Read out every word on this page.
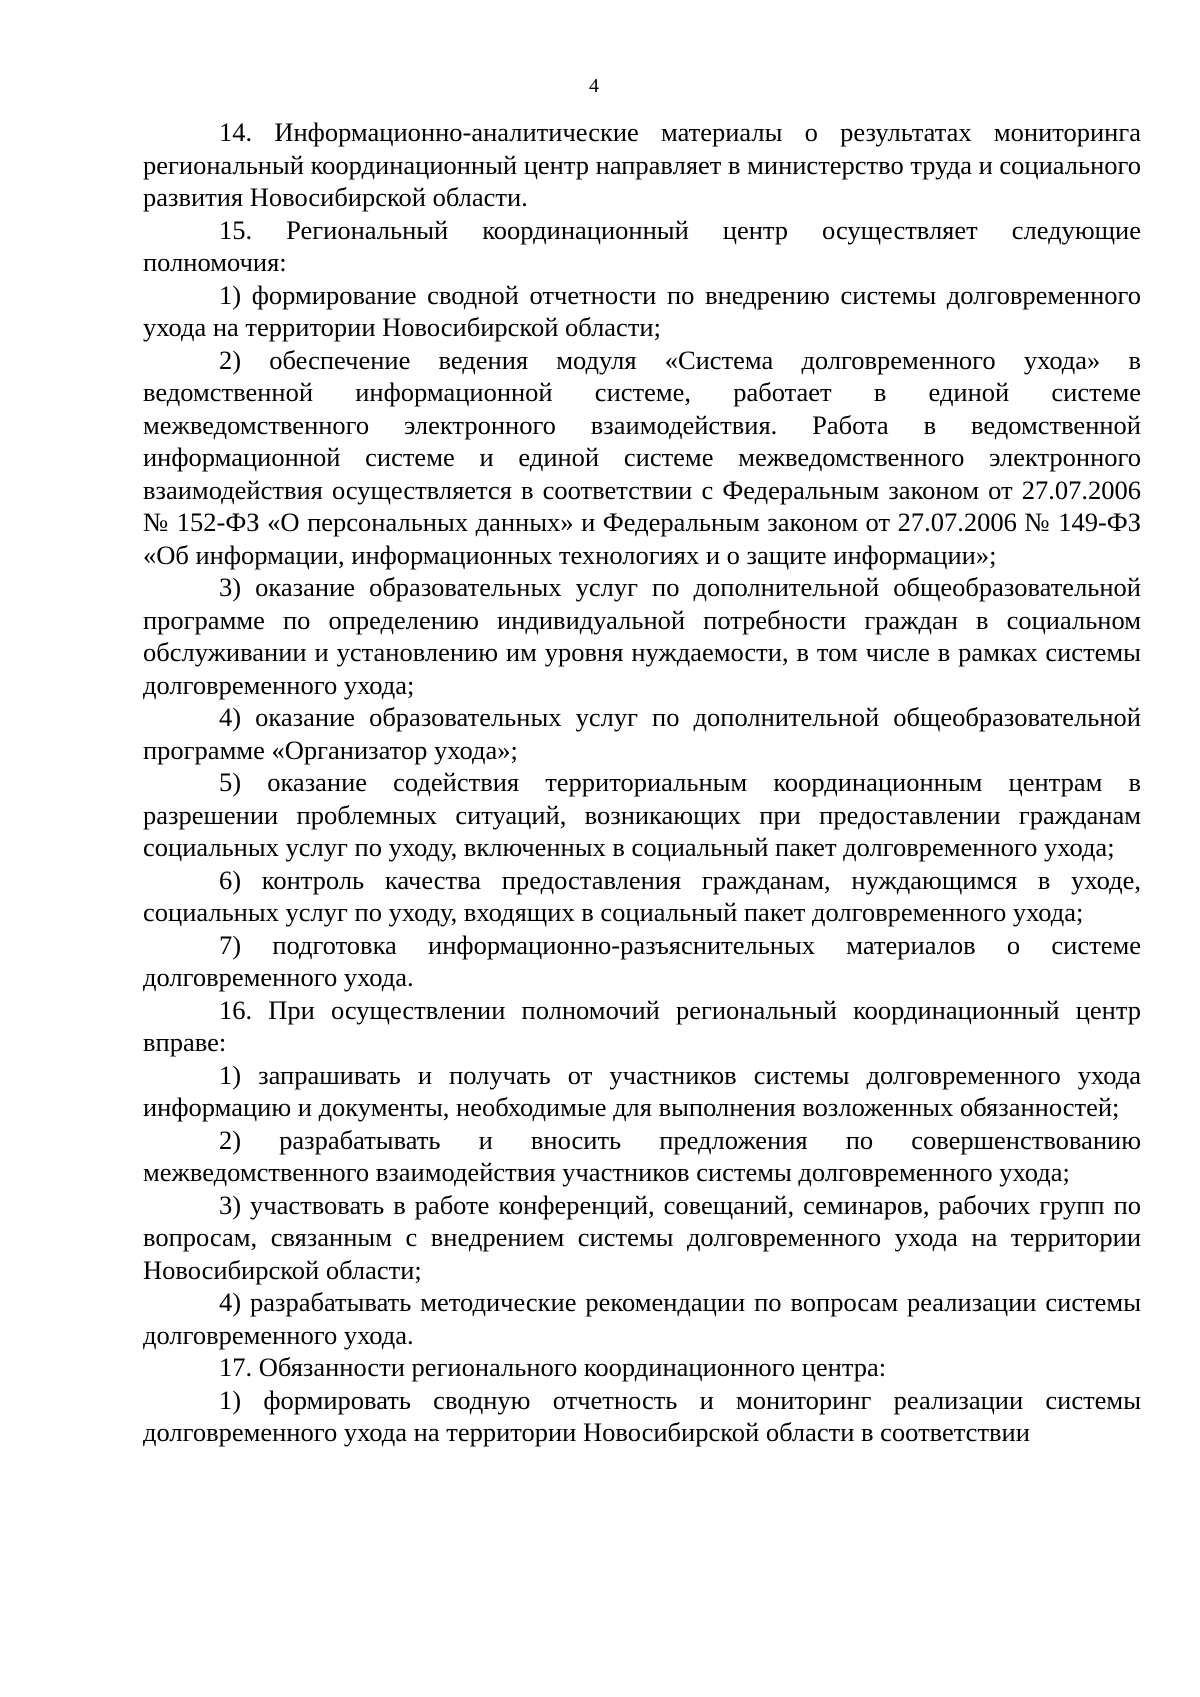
4

14. Информационно-аналитические материалы о результатах мониторинга региональный координационный центр направляет в министерство труда и социального развития Новосибирской области.

15. Региональный координационный центр осуществляет следующие полномочия:

1) формирование сводной отчетности по внедрению системы долговременного ухода на территории Новосибирской области;

2) обеспечение ведения модуля «Система долговременного ухода» в ведомственной информационной системе, работает в единой системе межведомственного электронного взаимодействия. Работа в ведомственной информационной системе и единой системе межведомственного электронного взаимодействия осуществляется в соответствии с Федеральным законом от 27.07.2006 № 152-ФЗ «О персональных данных» и Федеральным законом от 27.07.2006 № 149-ФЗ «Об информации, информационных технологиях и о защите информации»;

3) оказание образовательных услуг по дополнительной общеобразовательной программе по определению индивидуальной потребности граждан в социальном обслуживании и установлению им уровня нуждаемости, в том числе в рамках системы долговременного ухода;

4) оказание образовательных услуг по дополнительной общеобразовательной программе «Организатор ухода»;

5) оказание содействия территориальным координационным центрам в разрешении проблемных ситуаций, возникающих при предоставлении гражданам социальных услуг по уходу, включенных в социальный пакет долговременного ухода;

6) контроль качества предоставления гражданам, нуждающимся в уходе, социальных услуг по уходу, входящих в социальный пакет долговременного ухода;

7) подготовка информационно-разъяснительных материалов о системе долговременного ухода.

16. При осуществлении полномочий региональный координационный центр вправе:

1) запрашивать и получать от участников системы долговременного ухода информацию и документы, необходимые для выполнения возложенных обязанностей;

2) разрабатывать и вносить предложения по совершенствованию межведомственного взаимодействия участников системы долговременного ухода;

3) участвовать в работе конференций, совещаний, семинаров, рабочих групп по вопросам, связанным с внедрением системы долговременного ухода на территории Новосибирской области;

4) разрабатывать методические рекомендации по вопросам реализации системы долговременного ухода.

17. Обязанности регионального координационного центра:

1) формировать сводную отчетность и мониторинг реализации системы долговременного ухода на территории Новосибирской области в соответствии
